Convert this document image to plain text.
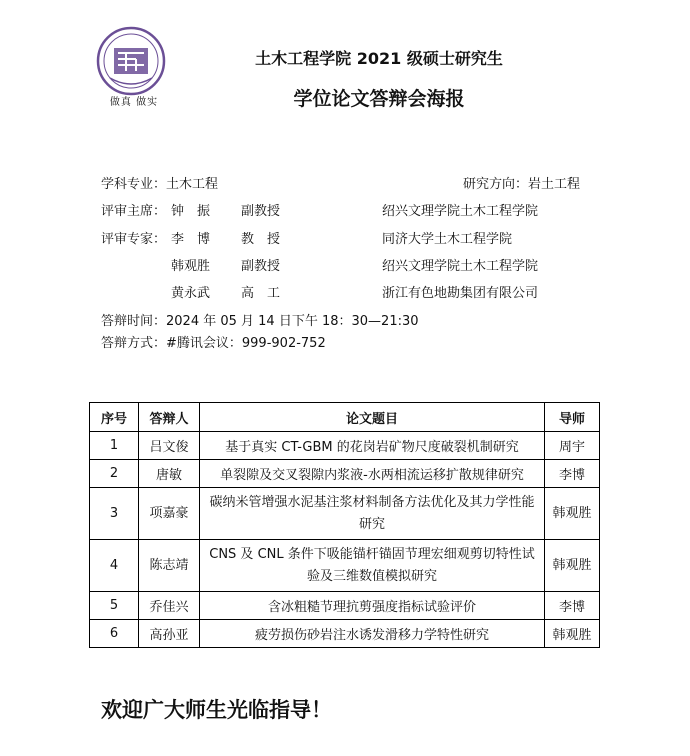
做真 做实
土木工程学院 2021 级硕士研究生
学位论文答辩会海报
学科专业：土木工程	研究方向：岩土工程
评审主席： 钟　振 副教授	绍兴文理学院土木工程学院
评审专家： 李　博 教　授	同济大学土木工程学院
韩观胜 副教授	绍兴文理学院土木工程学院
黄永武 高　工	浙江有色地勘集团有限公司
答辩时间：2024 年 05 月 14 日下午 18：30—21:30
答辩方式：#腾讯会议：999-902-752
序号	答辩人	论文题目	导师
1	吕文俊	基于真实 CT-GBM 的花岗岩矿物尺度破裂机制研究	周宇
2	唐敏	单裂隙及交叉裂隙内浆液-水两相流运移扩散规律研究	李博
3	项嘉豪	碳纳米管增强水泥基注浆材料制备方法优化及其力学性能研究	韩观胜
4	陈志靖	CNS 及 CNL 条件下吸能锚杆锚固节理宏细观剪切特性试验及三维数值模拟研究	韩观胜
5	乔佳兴	含冰粗糙节理抗剪强度指标试验评价	李博
6	高孙亚	疲劳损伤砂岩注水诱发滑移力学特性研究	韩观胜
欢迎广大师生光临指导！
